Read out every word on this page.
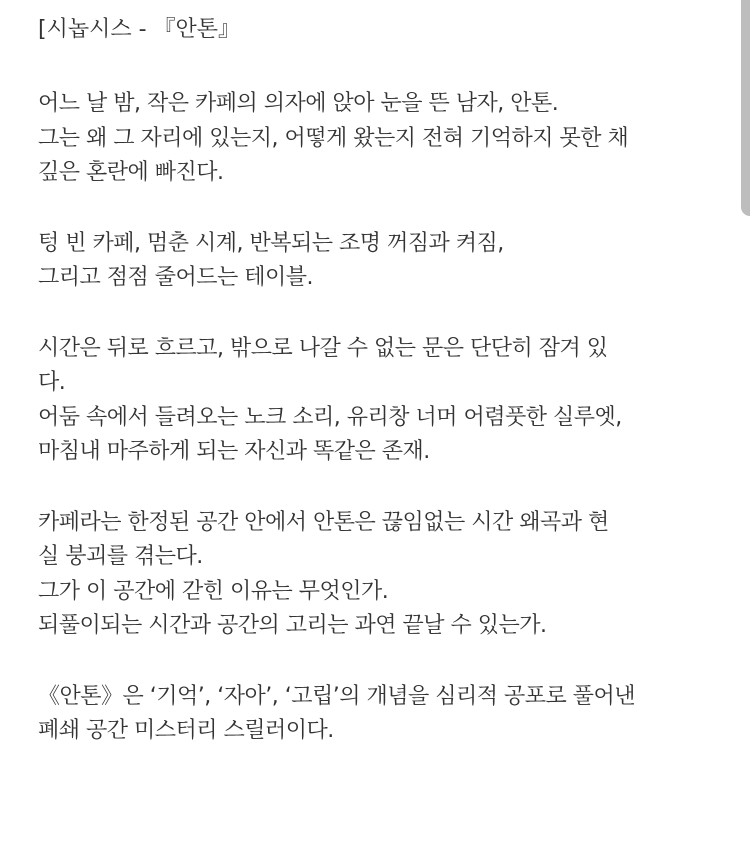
[시놉시스 - 『안톤』
어느 날 밤, 작은 카페의 의자에 앉아 눈을 뜬 남자, 안톤.
그는 왜 그 자리에 있는지, 어떻게 왔는지 전혀 기억하지 못한 채
깊은 혼란에 빠진다.
텅 빈 카페, 멈춘 시계, 반복되는 조명 꺼짐과 켜짐,
그리고 점점 줄어드는 테이블.
시간은 뒤로 흐르고, 밖으로 나갈 수 없는 문은 단단히 잠겨 있
다.
어둠 속에서 들려오는 노크 소리, 유리창 너머 어렴풋한 실루엣,
마침내 마주하게 되는 자신과 똑같은 존재.
카페라는 한정된 공간 안에서 안톤은 끊임없는 시간 왜곡과 현
실 붕괴를 겪는다.
그가 이 공간에 갇힌 이유는 무엇인가.
되풀이되는 시간과 공간의 고리는 과연 끝날 수 있는가.
《안톤》은 ‘기억’, ‘자아’, ‘고립’의 개념을 심리적 공포로 풀어낸
폐쇄 공간 미스터리 스릴러이다.
